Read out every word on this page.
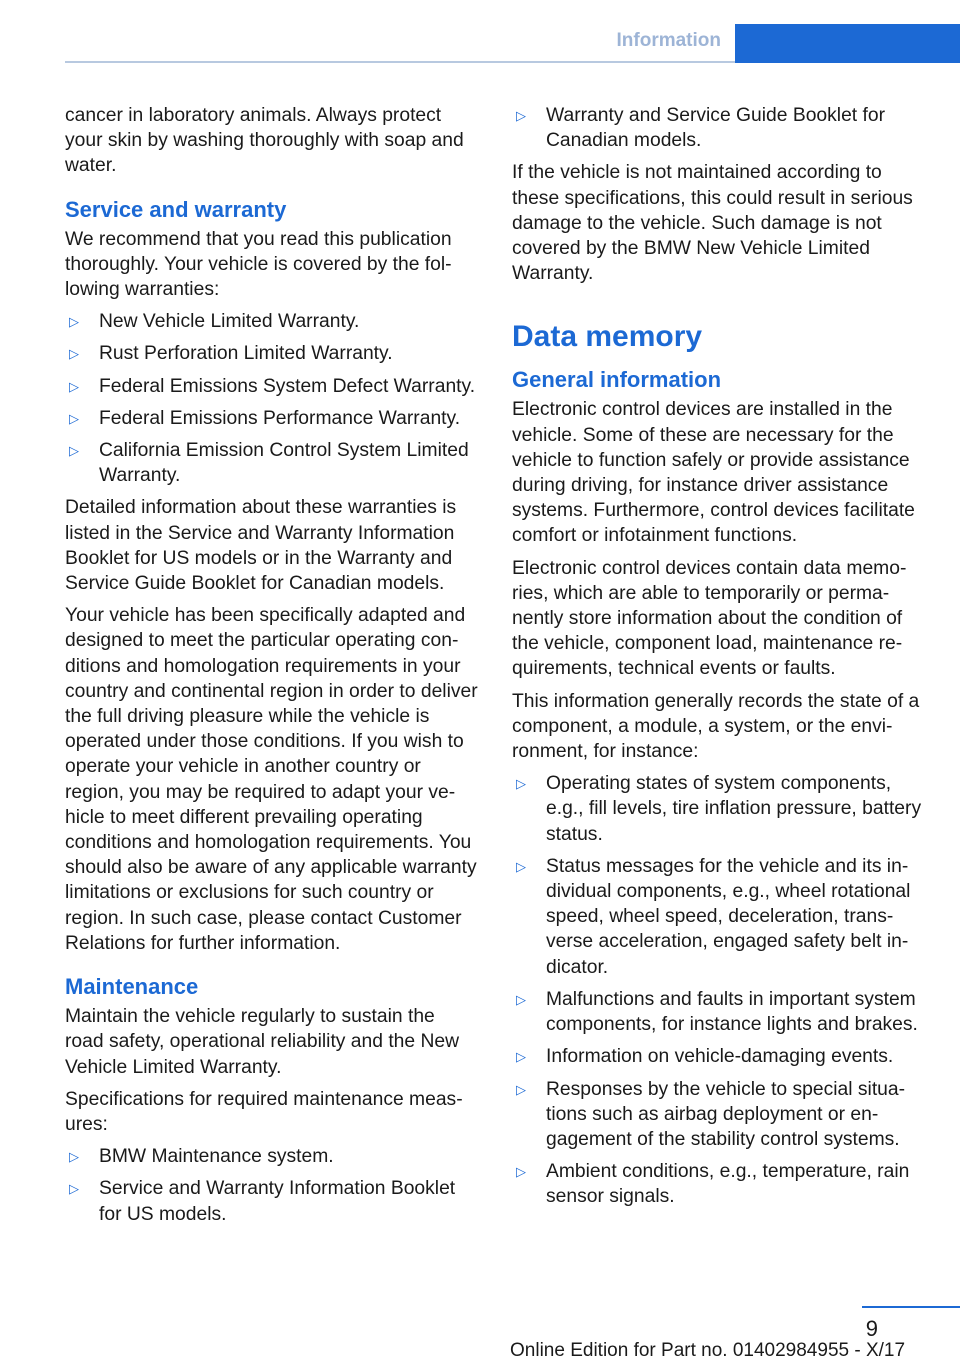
Information

cancer in laboratory animals. Always protect your skin by washing thoroughly with soap and water.

Service and warranty

We recommend that you read this publication thoroughly. Your vehicle is covered by the following warranties:

▷ New Vehicle Limited Warranty.
▷ Rust Perforation Limited Warranty.
▷ Federal Emissions System Defect Warranty.
▷ Federal Emissions Performance Warranty.
▷ California Emission Control System Limited Warranty.

Detailed information about these warranties is listed in the Service and Warranty Information Booklet for US models or in the Warranty and Service Guide Booklet for Canadian models.

Your vehicle has been specifically adapted and designed to meet the particular operating conditions and homologation requirements in your country and continental region in order to deliver the full driving pleasure while the vehicle is operated under those conditions. If you wish to operate your vehicle in another country or region, you may be required to adapt your vehicle to meet different prevailing operating conditions and homologation requirements. You should also be aware of any applicable warranty limitations or exclusions for such country or region. In such case, please contact Customer Relations for further information.

Maintenance

Maintain the vehicle regularly to sustain the road safety, operational reliability and the New Vehicle Limited Warranty.

Specifications for required maintenance measures:

▷ BMW Maintenance system.
▷ Service and Warranty Information Booklet for US models.
▷ Warranty and Service Guide Booklet for Canadian models.

If the vehicle is not maintained according to these specifications, this could result in serious damage to the vehicle. Such damage is not covered by the BMW New Vehicle Limited Warranty.

Data memory
General information

Electronic control devices are installed in the vehicle. Some of these are necessary for the vehicle to function safely or provide assistance during driving, for instance driver assistance systems. Furthermore, control devices facilitate comfort or infotainment functions.

Electronic control devices contain data memories, which are able to temporarily or permanently store information about the condition of the vehicle, component load, maintenance requirements, technical events or faults.

This information generally records the state of a component, a module, a system, or the environment, for instance:

▷ Operating states of system components, e.g., fill levels, tire inflation pressure, battery status.
▷ Status messages for the vehicle and its individual components, e.g., wheel rotational speed, wheel speed, deceleration, transverse acceleration, engaged safety belt indicator.
▷ Malfunctions and faults in important system components, for instance lights and brakes.
▷ Information on vehicle-damaging events.
▷ Responses by the vehicle to special situations such as airbag deployment or engagement of the stability control systems.
▷ Ambient conditions, e.g., temperature, rain sensor signals.
9
Online Edition for Part no. 01402984955 - X/17
